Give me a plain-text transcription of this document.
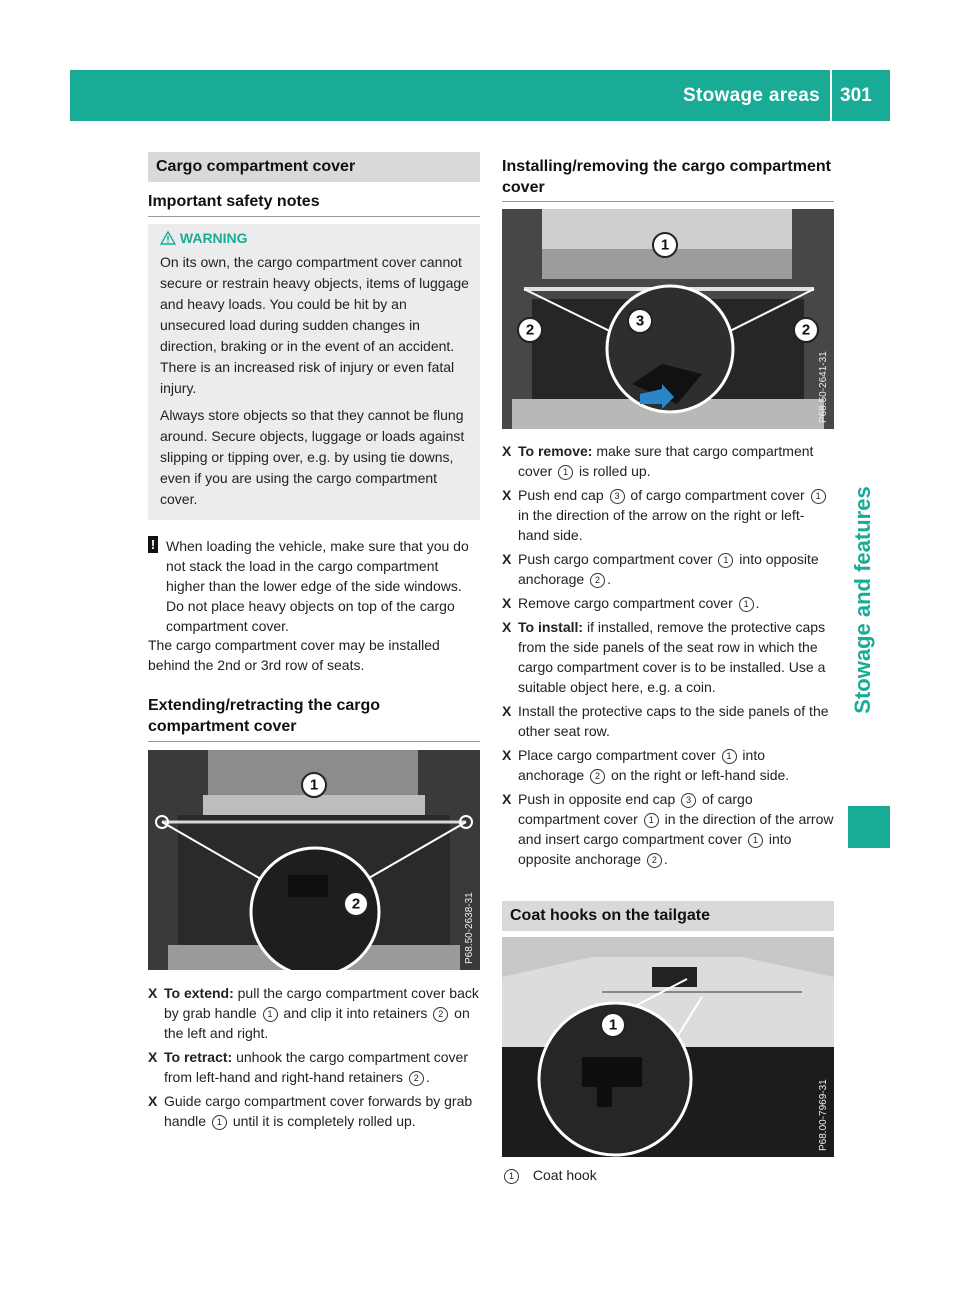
Stowage areas 301
Stowage and features
Cargo compartment cover
Important safety notes
WARNING

On its own, the cargo compartment cover cannot secure or restrain heavy objects, items of luggage and heavy loads. You could be hit by an unsecured load during sudden changes in direction, braking or in the event of an accident. There is an increased risk of injury or even fatal injury.

Always store objects so that they cannot be flung around. Secure objects, luggage or loads against slipping or tipping over, e.g. by using tie downs, even if you are using the cargo compartment cover.

! When loading the vehicle, make sure that you do not stack the load in the cargo compartment higher than the lower edge of the side windows. Do not place heavy objects on top of the cargo compartment cover.

The cargo compartment cover may be installed behind the 2nd or 3rd row of seats.

Extending/retracting the cargo compartment cover
1
2	P68.50-2638-31
X To extend: pull the cargo compartment cover back by grab handle 1 and clip it into retainers 2 on the left and right.
X To retract: unhook the cargo compartment cover from left-hand and right-hand retainers 2 .
X Guide cargo compartment cover forwards by grab handle 1 until it is completely rolled up.
Installing/removing the cargo compartment cover
1
2
3
2
P68.50-2641-31
X To remove: make sure that cargo compartment cover 1 is rolled up.
X Push end cap 3 of cargo compartment cover 1 in the direction of the arrow on the right or left-hand side.
X Push cargo compartment cover 1 into opposite anchorage 2 .
X Remove cargo compartment cover 1 .
X To install: if installed, remove the protective caps from the side panels of the seat row in which the cargo compartment cover is to be installed. Use a suitable object here, e.g. a coin.
X Install the protective caps to the side panels of the other seat row.
X Place cargo compartment cover 1 into anchorage 2 on the right or left-hand side.
X Push in opposite end cap 3 of cargo compartment cover 1 in the direction of the arrow and insert cargo compartment cover 1 into opposite anchorage 2 .
Coat hooks on the tailgate
1
P68.00-7969-31
1 Coat hook
